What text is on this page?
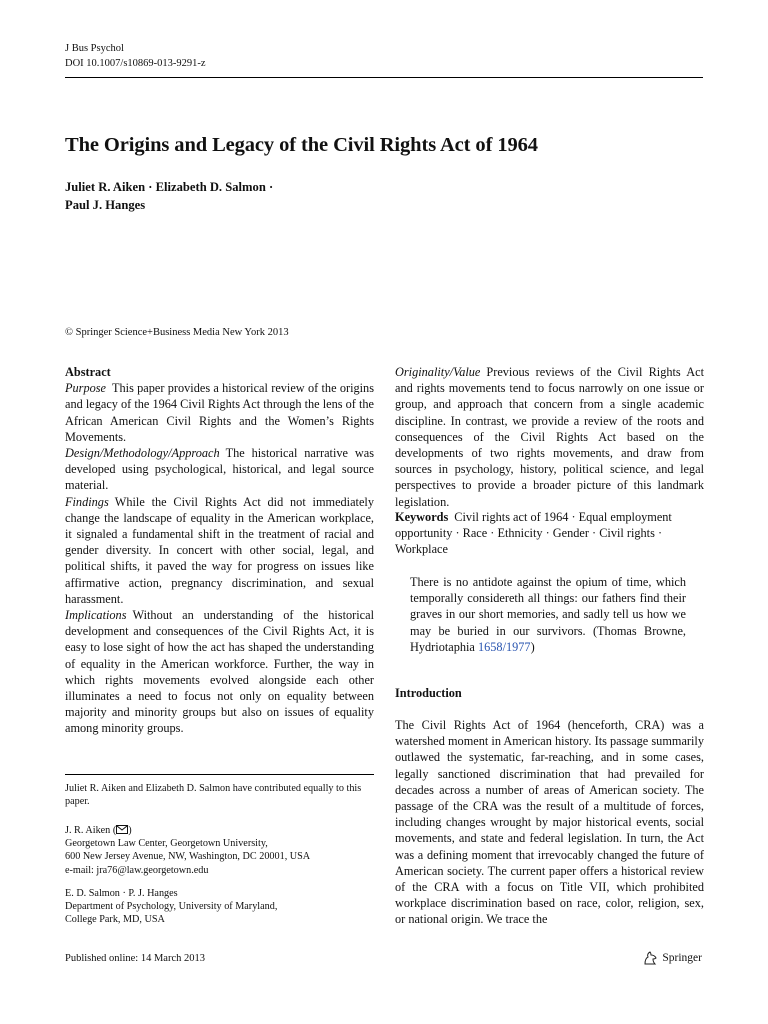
J Bus Psychol
DOI 10.1007/s10869-013-9291-z
The Origins and Legacy of the Civil Rights Act of 1964
Juliet R. Aiken · Elizabeth D. Salmon ·
Paul J. Hanges
© Springer Science+Business Media New York 2013
Abstract

Purpose This paper provides a historical review of the origins and legacy of the 1964 Civil Rights Act through the lens of the African American Civil Rights and the Women’s Rights Movements.

Design/Methodology/Approach The historical narrative was developed using psychological, historical, and legal source material.

Findings While the Civil Rights Act did not immediately change the landscape of equality in the American workplace, it signaled a fundamental shift in the treatment of racial and gender diversity. In concert with other social, legal, and political shifts, it paved the way for progress on issues like affirmative action, pregnancy discrimination, and sexual harassment.

Implications Without an understanding of the historical development and consequences of the Civil Rights Act, it is easy to lose sight of how the act has shaped the understanding of equality in the American workforce. Further, the way in which rights movements evolved alongside each other illuminates a need to focus not only on equality between majority and minority groups but also on issues of equality among minority groups.

Originality/Value Previous reviews of the Civil Rights Act and rights movements tend to focus narrowly on one issue or group, and approach that concern from a single academic discipline. In contrast, we provide a review of the roots and consequences of the Civil Rights Act based on the developments of two rights movements, and draw from sources in psychology, history, political science, and legal perspectives to provide a broader picture of this landmark legislation.

Keywords Civil rights act of 1964 · Equal employment opportunity · Race · Ethnicity · Gender · Civil rights · Workplace

There is no antidote against the opium of time, which temporally considereth all things: our fathers find their graves in our short memories, and sadly tell us how we may be buried in our survivors. (Thomas Browne, Hydriotaphia 1658/1977)
Introduction
The Civil Rights Act of 1964 (henceforth, CRA) was a watershed moment in American history. Its passage summarily outlawed the systematic, far-reaching, and in some cases, legally sanctioned discrimination that had prevailed for decades across a number of areas of American society. The passage of the CRA was the result of a multitude of forces, including changes wrought by major historical events, social movements, and state and federal legislation. In turn, the Act was a defining moment that irrevocably changed the future of American society. The current paper offers a historical review of the CRA with a focus on Title VII, which prohibited workplace discrimination based on race, color, religion, sex, or national origin. We trace the
Juliet R. Aiken and Elizabeth D. Salmon have contributed equally to this paper.
J. R. Aiken ( )
Georgetown Law Center, Georgetown University,
600 New Jersey Avenue, NW, Washington, DC 20001, USA
e-mail: jra76@law.georgetown.edu
E. D. Salmon · P. J. Hanges
Department of Psychology, University of Maryland,
College Park, MD, USA
Published online: 14 March 2013	Springer
